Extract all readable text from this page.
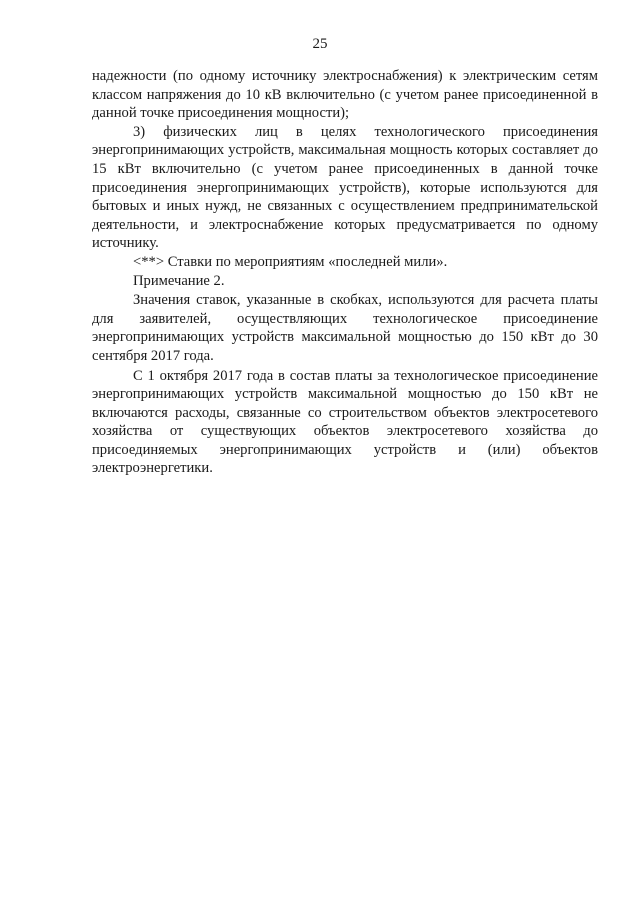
25

надежности (по одному источнику электроснабжения) к электрическим сетям классом напряжения до 10 кВ включительно (с учетом ранее присоединенной в данной точке присоединения мощности);

3) физических лиц в целях технологического присоединения энергопринимающих устройств, максимальная мощность которых составляет до 15 кВт включительно (с учетом ранее присоединенных в данной точке присоединения энергопринимающих устройств), которые используются для бытовых и иных нужд, не связанных с осуществлением предпринимательской деятельности, и электроснабжение которых предусматривается по одному источнику.

<**> Ставки по мероприятиям «последней мили».

Примечание 2.

Значения ставок, указанные в скобках, используются для расчета платы для заявителей, осуществляющих технологическое присоединение энергопринимающих устройств максимальной мощностью до 150 кВт до 30 сентября 2017 года.

С 1 октября 2017 года в состав платы за технологическое присоединение энергопринимающих устройств максимальной мощностью до 150 кВт не включаются расходы, связанные со строительством объектов электросетевого хозяйства от существующих объектов электросетевого хозяйства до присоединяемых энергопринимающих устройств и (или) объектов электроэнергетики.
